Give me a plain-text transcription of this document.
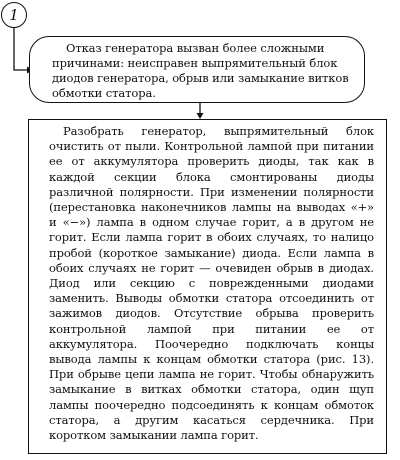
1

Отказ генератора вызван более сложными причинами: неисправен выпрямительный блок диодов генератора, обрыв или замыкание витков обмотки статора.

Разобрать генератор, выпрямительный блок очистить от пыли. Контрольной лампой при питании ее от аккумулятора проверить диоды, так как в каждой секции блока смонтированы диоды различной полярности. При изменении полярности (перестановка наконечников лампы на выводах «+» и «−») лампа в одном случае горит, а в другом не горит. Если лампа горит в обоих случаях, то налицо пробой (короткое замыкание) диода. Если лампа в обоих случаях не горит — очевиден обрыв в диодах. Диод или секцию с поврежденными диодами заменить. Выводы обмотки статора отсоединить от зажимов диодов. Отсутствие обрыва проверить контрольной лампой при питании ее от аккумулятора. Поочередно подключать концы вывода лампы к концам обмотки статора (рис. 13). При обрыве цепи лампа не горит. Чтобы обнаружить замыкание в витках обмотки статора, один щуп лампы поочередно подсоединять к концам обмоток статора, а другим касаться сердечника. При коротком замыкании лампа горит.
